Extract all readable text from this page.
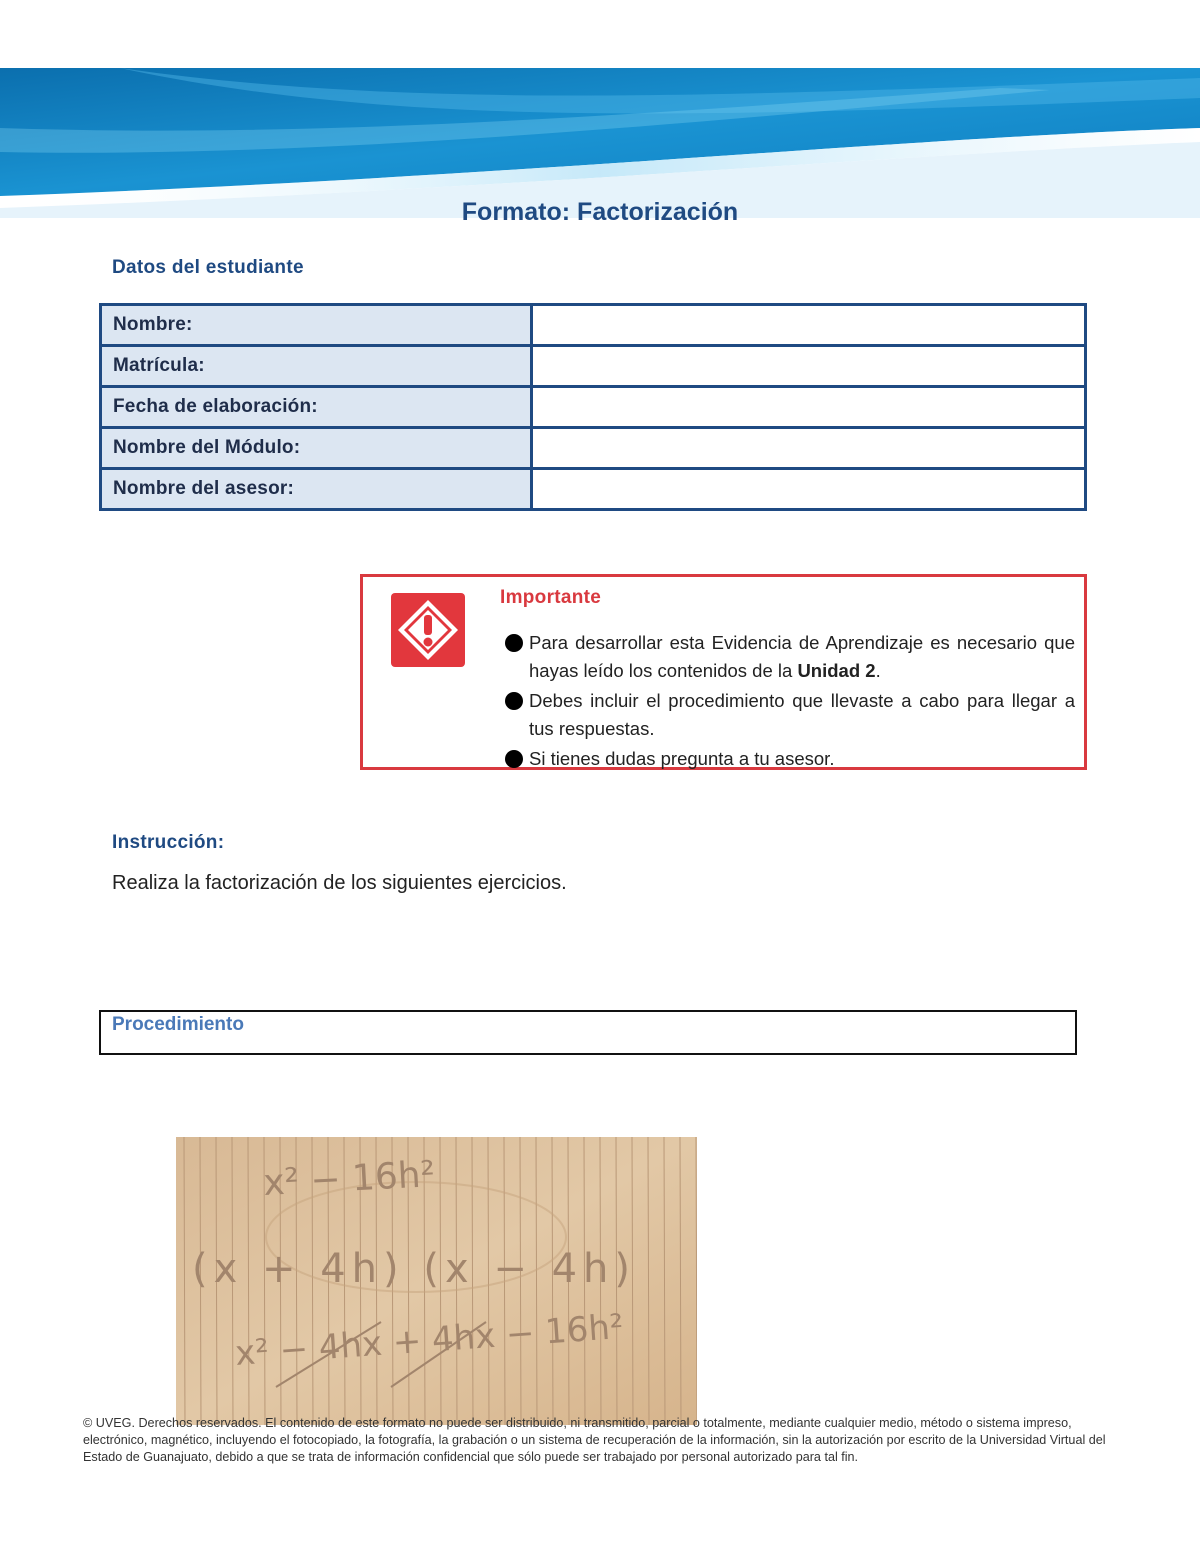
Formato: Factorización
Datos del estudiante
Nombre:	
Matrícula:	
Fecha de elaboración:	
Nombre del Módulo:	
Nombre del asesor:	
Importante
Para desarrollar esta Evidencia de Aprendizaje es necesario que hayas leído los contenidos de la Unidad 2.
Debes incluir el procedimiento que llevaste a cabo para llegar a tus respuestas.
Si tienes dudas pregunta a tu asesor.
Instrucción:
Realiza la factorización de los siguientes ejercicios.
Procedimiento
x² − 16h²
(x + 4h) (x − 4h)
x² − 4hx + 4hx − 16h²
© UVEG. Derechos reservados. El contenido de este formato no puede ser distribuido, ni transmitido, parcial o totalmente, mediante cualquier medio, método o sistema impreso, electrónico, magnético, incluyendo el fotocopiado, la fotografía, la grabación o un sistema de recuperación de la información, sin la autorización por escrito de la Universidad Virtual del Estado de Guanajuato, debido a que se trata de información confidencial que sólo puede ser trabajado por personal autorizado para tal fin.
